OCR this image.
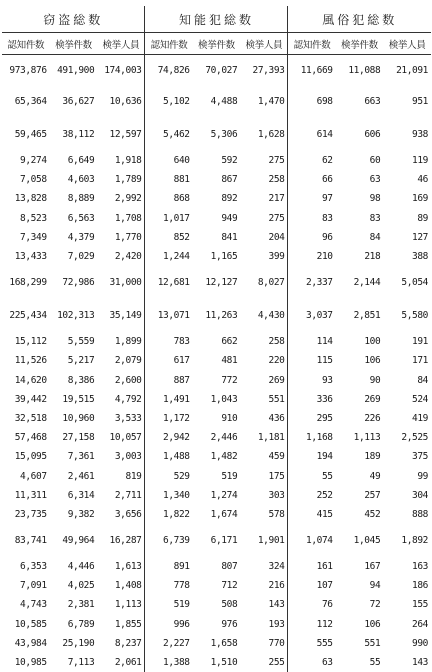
窃盗総数			知能犯総数			風俗犯総数		
認知件数	検挙件数	検挙人員	認知件数	検挙件数	検挙人員	認知件数	検挙件数	検挙人員
973,876	491,900	174,003	74,826	70,027	27,393	11,669	11,088	21,091
65,364	36,627	10,636	5,102	4,488	1,470	698	663	951
59,465	38,112	12,597	5,462	5,306	1,628	614	606	938
9,274	6,649	1,918	640	592	275	62	60	119
7,058	4,603	1,789	881	867	258	66	63	46
13,828	8,889	2,992	868	892	217	97	98	169
8,523	6,563	1,708	1,017	949	275	83	83	89
7,349	4,379	1,770	852	841	204	96	84	127
13,433	7,029	2,420	1,244	1,165	399	210	218	388
168,299	72,986	31,000	12,681	12,127	8,027	2,337	2,144	5,054
225,434	102,313	35,149	13,071	11,263	4,430	3,037	2,851	5,580
15,112	5,559	1,899	783	662	258	114	100	191
11,526	5,217	2,079	617	481	220	115	106	171
14,620	8,386	2,600	887	772	269	93	90	84
39,442	19,515	4,792	1,491	1,043	551	336	269	524
32,518	10,960	3,533	1,172	910	436	295	226	419
57,468	27,158	10,057	2,942	2,446	1,181	1,168	1,113	2,525
15,095	7,361	3,003	1,488	1,482	459	194	189	375
4,607	2,461	819	529	519	175	55	49	99
11,311	6,314	2,711	1,340	1,274	303	252	257	304
23,735	9,382	3,656	1,822	1,674	578	415	452	888
83,741	49,964	16,287	6,739	6,171	1,901	1,074	1,045	1,892
6,353	4,446	1,613	891	807	324	161	167	163
7,091	4,025	1,408	778	712	216	107	94	186
4,743	2,381	1,113	519	508	143	76	72	155
10,585	6,789	1,855	996	976	193	112	106	264
43,984	25,190	8,237	2,227	1,658	770	555	551	990
10,985	7,113	2,061	1,388	1,510	255	63	55	143
